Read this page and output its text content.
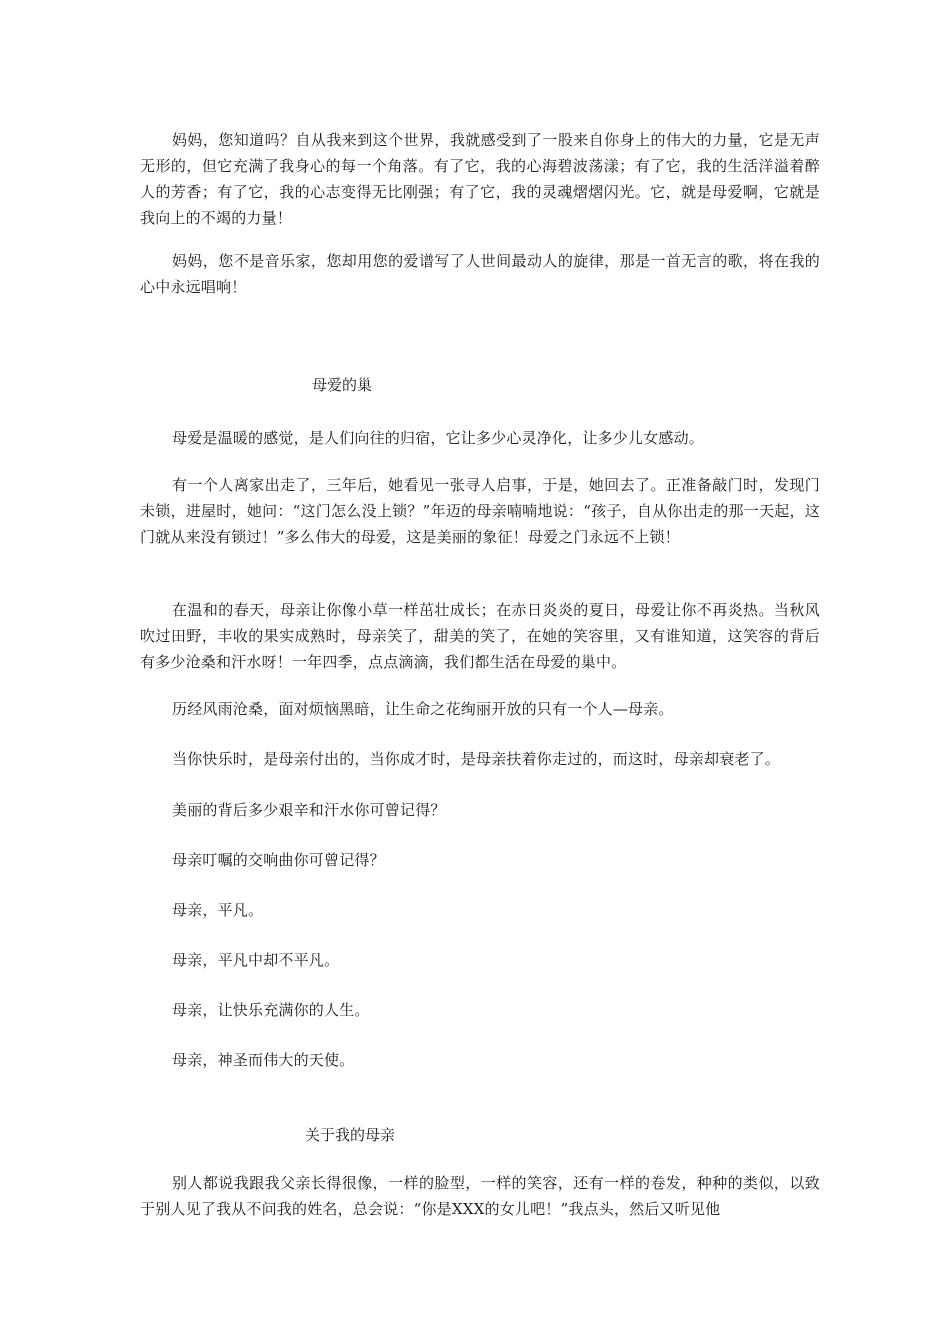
妈妈，您知道吗？自从我来到这个世界，我就感受到了一股来自你身上的伟大的力量，它是无声无形的，但它充满了我身心的每一个角落。有了它，我的心海碧波荡漾；有了它，我的生活洋溢着醉人的芳香；有了它，我的心志变得无比刚强；有了它，我的灵魂熠熠闪光。它，就是母爱啊，它就是我向上的不竭的力量！

妈妈，您不是音乐家，您却用您的爱谱写了人世间最动人的旋律，那是一首无言的歌，将在我的心中永远唱响！

母爱的巢

母爱是温暖的感觉，是人们向往的归宿，它让多少心灵净化，让多少儿女感动。

有一个人离家出走了，三年后，她看见一张寻人启事，于是，她回去了。正准备敲门时，发现门未锁，进屋时，她问：“这门怎么没上锁？”年迈的母亲喃喃地说：“孩子，自从你出走的那一天起，这门就从来没有锁过！”多么伟大的母爱，这是美丽的象征！母爱之门永远不上锁！

在温和的春天，母亲让你像小草一样茁壮成长；在赤日炎炎的夏日，母爱让你不再炎热。当秋风吹过田野，丰收的果实成熟时，母亲笑了，甜美的笑了，在她的笑容里，又有谁知道，这笑容的背后有多少沧桑和汗水呀！一年四季，点点滴滴，我们都生活在母爱的巢中。

历经风雨沧桑，面对烦恼黑暗，让生命之花绚丽开放的只有一个人—母亲。

当你快乐时，是母亲付出的，当你成才时，是母亲扶着你走过的，而这时，母亲却衰老了。

美丽的背后多少艰辛和汗水你可曾记得？

母亲叮嘱的交响曲你可曾记得？

母亲，平凡。

母亲，平凡中却不平凡。

母亲，让快乐充满你的人生。

母亲，神圣而伟大的天使。

关于我的母亲

别人都说我跟我父亲长得很像，一样的脸型，一样的笑容，还有一样的卷发，种种的类似，以致于别人见了我从不问我的姓名，总会说：“你是XXX的女儿吧！”我点头，然后又听见他
